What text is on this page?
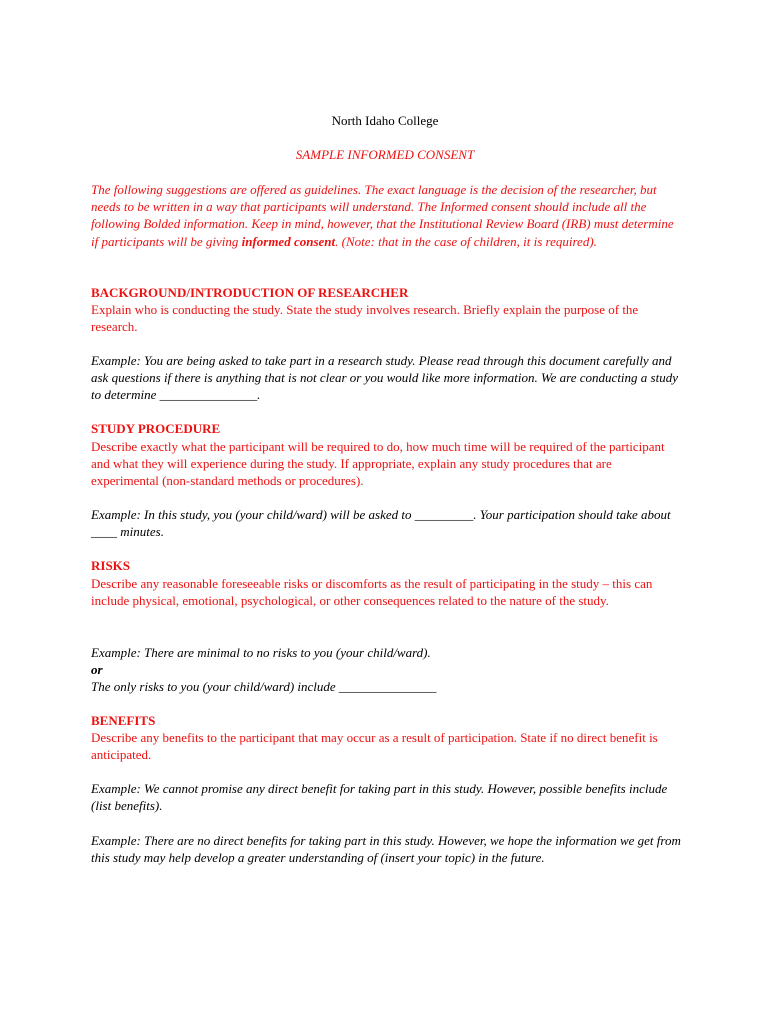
North Idaho College

SAMPLE INFORMED CONSENT

The following suggestions are offered as guidelines. The exact language is the decision of the researcher, but needs to be written in a way that participants will understand. The Informed consent should include all the following Bolded information. Keep in mind, however, that the Institutional Review Board (IRB) must determine if participants will be giving informed consent. (Note: that in the case of children, it is required).

BACKGROUND/INTRODUCTION OF RESEARCHER

Explain who is conducting the study. State the study involves research. Briefly explain the purpose of the research.

Example: You are being asked to take part in a research study. Please read through this document carefully and ask questions if there is anything that is not clear or you would like more information. We are conducting a study to determine _______________.

STUDY PROCEDURE

Describe exactly what the participant will be required to do, how much time will be required of the participant and what they will experience during the study. If appropriate, explain any study procedures that are experimental (non-standard methods or procedures).

Example: In this study, you (your child/ward) will be asked to _________. Your participation should take about ____ minutes.

RISKS

Describe any reasonable foreseeable risks or discomforts as the result of participating in the study – this can include physical, emotional, psychological, or other consequences related to the nature of the study.

Example: There are minimal to no risks to you (your child/ward).

or

The only risks to you (your child/ward) include _______________

BENEFITS

Describe any benefits to the participant that may occur as a result of participation. State if no direct benefit is anticipated.

Example: We cannot promise any direct benefit for taking part in this study. However, possible benefits include (list benefits).

Example: There are no direct benefits for taking part in this study. However, we hope the information we get from this study may help develop a greater understanding of (insert your topic) in the future.
